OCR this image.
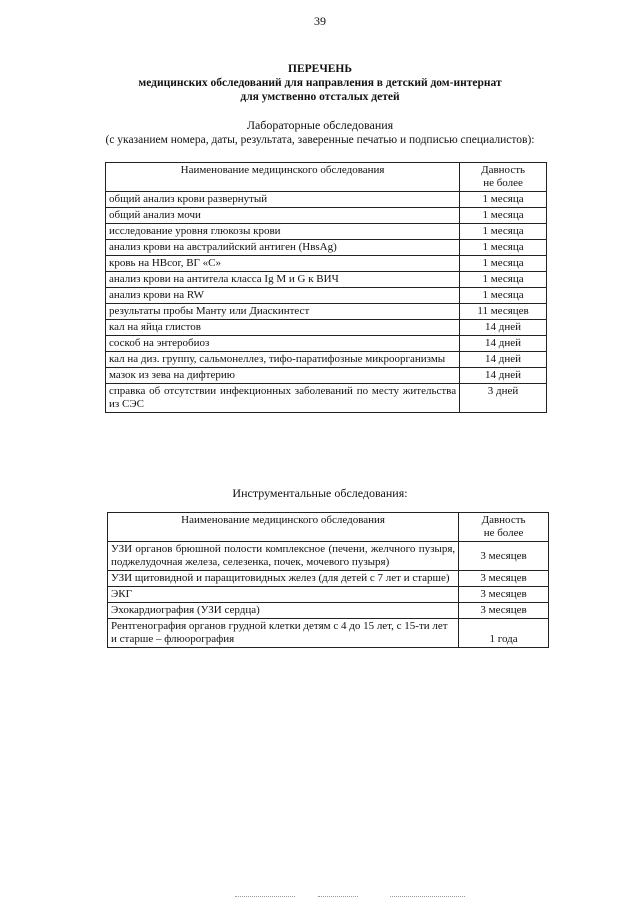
39
ПЕРЕЧЕНЬ
медицинских обследований для направления в детский дом-интернат
для умственно отсталых детей
Лабораторные обследования
(с указанием номера, даты, результата, заверенные печатью и подписью специалистов):
Наименование медицинского обследования	Давность
не более
общий анализ крови развернутый	1 месяца
общий анализ мочи	1 месяца
исследование уровня глюкозы крови	1 месяца
анализ крови на австралийский антиген (HвsAg)	1 месяца
кровь на HВcor, ВГ «С»	1 месяца
анализ крови на антитела класса Ig M и G к ВИЧ	1 месяца
анализ крови на RW	1 месяца
результаты пробы Манту или Диаскинтест	11 месяцев
кал на яйца глистов	14 дней
соскоб на энтеробиоз	14 дней
кал на диз. группу, сальмонеллез, тифо-паратифозные микроорганизмы	14 дней
мазок из зева на дифтерию	14 дней
справка об отсутствии инфекционных заболеваний по месту жительства из СЭС	3 дней
Инструментальные обследования:
Наименование медицинского обследования	Давность
не более
УЗИ органов брюшной полости комплексное (печени, желчного пузыря, поджелудочная железа, селезенка, почек, мочевого пузыря)	3 месяцев
УЗИ щитовидной и паращитовидных желез (для детей с 7 лет и старше)	3 месяцев
ЭКГ	3 месяцев
Эхокардиография (УЗИ сердца)	3 месяцев
Рентгенография органов грудной клетки детям с 4 до 15 лет, с 15-ти лет и старше – флюорография	1 года
